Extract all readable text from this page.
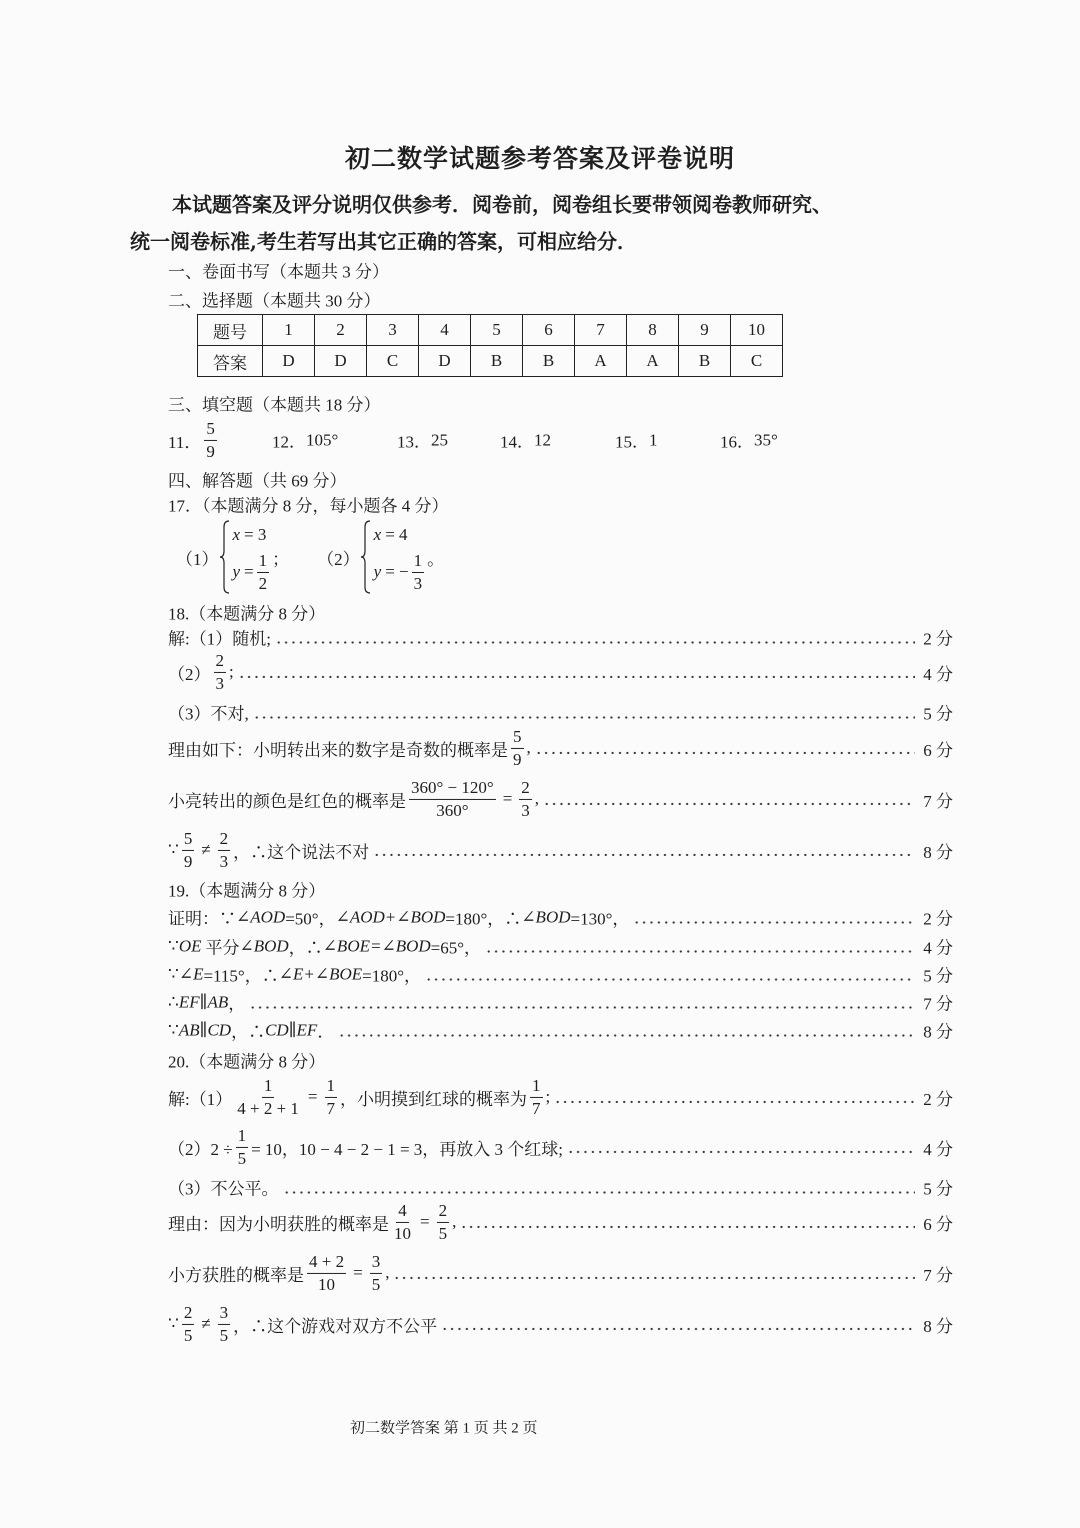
初二数学试题参考答案及评卷说明
本试题答案及评分说明仅供参考．阅卷前，阅卷组长要带领阅卷教师研究、
统一阅卷标准,考生若写出其它正确的答案，可相应给分．
一、卷面书写（本题共 3 分）
二、选择题（本题共 30 分）
题号	1	2	3	4	5	6	7	8	9	10
答案	D	D	C	D	B	B	A	A	B	C
三、填空题（本题共 18 分）
11． $\frac{5}{9}$	12． 105°	13． 25	14． 12	15． 1	16． 35°
四、解答题（共 69 分）
17．（本题满分 8 分，每小题各 4 分）
（1）
x = 3
$y = \frac{1}{2}$ ； （2）
x = 4
y = − $\frac{1}{3}$ 。
18.（本题满分 8 分）
解:（1）随机;	2 分
$(2) \frac{2}{3}$ ;	4 分
（3）不对,	5 分
理由如下：小明转出来的数字是奇数的概率是 $\frac{5}{9}$ ,	6 分
小亮转出的颜色是红色的概率是 $\frac{360^\circ - 120^\circ}{360^\circ} = \frac{2}{3}$ ,	7 分
∵ $\frac{5}{9} \ne \frac{2}{3}$ ，∴这个说法不对	8 分
19.（本题满分 8 分）
证明：∵ ∠AOD =50°， ∠AOD+∠BOD =180°，∴ ∠BOD =130°，	2 分
∵ OE 平分 ∠BOD ，∴ ∠BOE=∠BOD =65°，	4 分
∵ ∠E =115°，∴ ∠E+∠BOE =180°，	5 分
∴ EF∥AB ，	7 分
∵ AB∥CD ，∴ CD∥EF ．	8 分
20.（本题满分 8 分）
解:（1） $\frac{1}{4 + 2 + 1} = \frac{1}{7}$ ，小明摸到红球的概率为 $\frac{1}{7}$ ;	2 分
$(2)2 \div \frac{1}{5} = 10$，10 − 4 − 2 − 1 = 3，再放入 3 个红球;	4 分
（3）不公平。	5 分
理由：因为小明获胜的概率是 $\frac{4}{10} = \frac{2}{5}$ ,	6 分
小方获胜的概率是 $\frac{4 + 2}{10} = \frac{3}{5}$ ,	7 分
∵ $\frac{2}{5} \ne \frac{3}{5}$ ，∴这个游戏对双方不公平	8 分
初二数学答案 第 1 页 共 2 页
